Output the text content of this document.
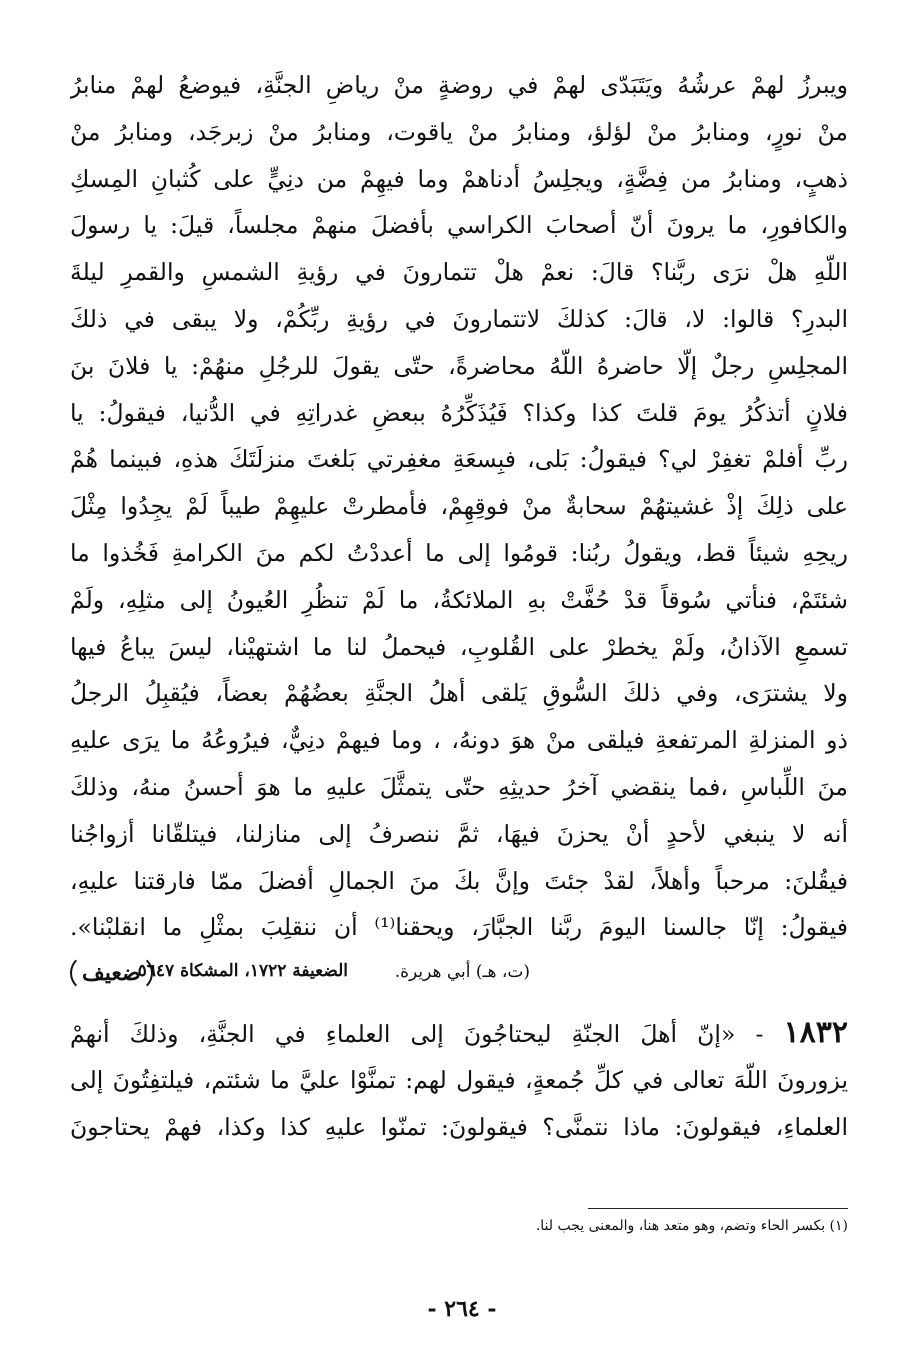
ويبرزُ لهمْ عرشُهُ ويَتَبَدّى لهمْ في روضةٍ منْ رياضِ الجنَّةِ، فيوضعُ لهمْ منابرُ
منْ نورٍ، ومنابرُ منْ لؤلؤ، ومنابرُ منْ ياقوت، ومنابرُ منْ زبرجَد، ومنابرُ منْ
ذهبٍ، ومنابرُ من فِضَّةٍ، ويجلِسُ أدناهمْ وما فيهِمْ من دنِيٍّ على كُثبانِ المِسكِ
والكافورِ، ما يرونَ أنّ أصحابَ الكراسي بأفضلَ منهمْ مجلساً، قيلَ: يا رسولَ
اللّهِ هلْ نرَى ربَّنا؟ قالَ: نعمْ هلْ تتمارونَ في رؤيةِ الشمسِ والقمرِ ليلةَ
البدرِ؟ قالوا: لا، قالَ: كذلكَ لاتتمارونَ في رؤيةِ ربِّكُمْ، ولا يبقى في ذلكَ
المجلِسِ رجلٌ إلّا حاضرهُ اللّهُ محاضرةً، حتّى يقولَ للرجُلِ منهُمْ: يا فلانَ بنَ
فلانٍ أتذكُرُ يومَ قلتَ كذا وكذا؟ فَيُذَكِّرُهُ ببعضِ غدراتِهِ في الدُّنيا، فيقولُ: يا
ربِّ أفلمْ تغفِرْ لي؟ فيقولُ: بَلى، فبِسعَةِ مغفِرتي بَلغتَ منزلَتَكَ هذهِ، فبينما هُمْ
على ذلِكَ إذْ غشيتهُمْ سحابةٌ منْ فوقِهِمْ، فأمطرتْ عليهِمْ طيباً لَمْ يجِدُوا مِثْلَ
ريحِهِ شيئاً قط، ويقولُ ربُنا: قومُوا إلى ما أعددْتُ لكم منَ الكرامةِ فَخُذوا ما
شئتَمْ، فنأتي سُوقاً قدْ حُفَّتْ بهِ الملائكةُ، ما لَمْ تنظُرِ العُيونُ إلى مثلِهِ، ولَمْ
تسمعِ الآذانُ، ولَمْ يخطرْ على القُلوبِ، فيحملُ لنا ما اشتهيْنا، ليسَ يباعُ فيها
ولا يشترَى، وفي ذلكَ السُّوقِ يَلقى أهلُ الجنَّةِ بعضُهُمْ بعضاً، فيُقبِلُ الرجلُ
ذو المنزلةِ المرتفعةِ فيلقى منْ هوَ دونهُ، ، وما فيهمْ دنِيٌّ، فيرُوعُهُ ما يرَى عليهِ
منَ اللِّباسِ ،فما ينقضي آخرُ حديثِهِ حتّى يتمثَّلَ عليهِ ما هوَ أحسنُ منهُ، وذلكَ
أنه لا ينبغي لأحدٍ أنْ يحزنَ فيهَا، ثمَّ ننصرفُ إلى منازلنا، فيتلقّانا أزواجُنا
فيقُلنَ: مرحباً وأهلاً، لقدْ جئتَ وإنَّ بكَ منَ الجمالِ أفضلَ ممّا فارقتنا عليهِ،
فيقولُ: إنّا جالسنا اليومَ ربَّنا الجبَّارَ، ويحقنا⁽¹⁾ أن ننقلِبَ بمثْلِ ما انقلبْنا».
(ت، هـ) أبي هريرة.
الضعيفة ١٧٢٢، المشكاة ٥٦٤٧
ضعيف
١٨٣٢ - «إنّ أهلَ الجنّةِ ليحتاجُونَ إلى العلماءِ في الجنَّةِ، وذلكَ أنهمْ
يزورونَ اللّهَ تعالى في كلِّ جُمعةٍ، فيقول لهم: تمنَّوْا عليَّ ما شئتم، فيلتفِتُونَ إلى
العلماءِ، فيقولونَ: ماذا نتمنَّى؟ فيقولونَ: تمنّوا عليهِ كذا وكذا، فهمْ يحتاجونَ
(١) بكسر الحاء وتضم، وهو متعد هنا، والمعنى يجب لنا.
- ٢٦٤ -
